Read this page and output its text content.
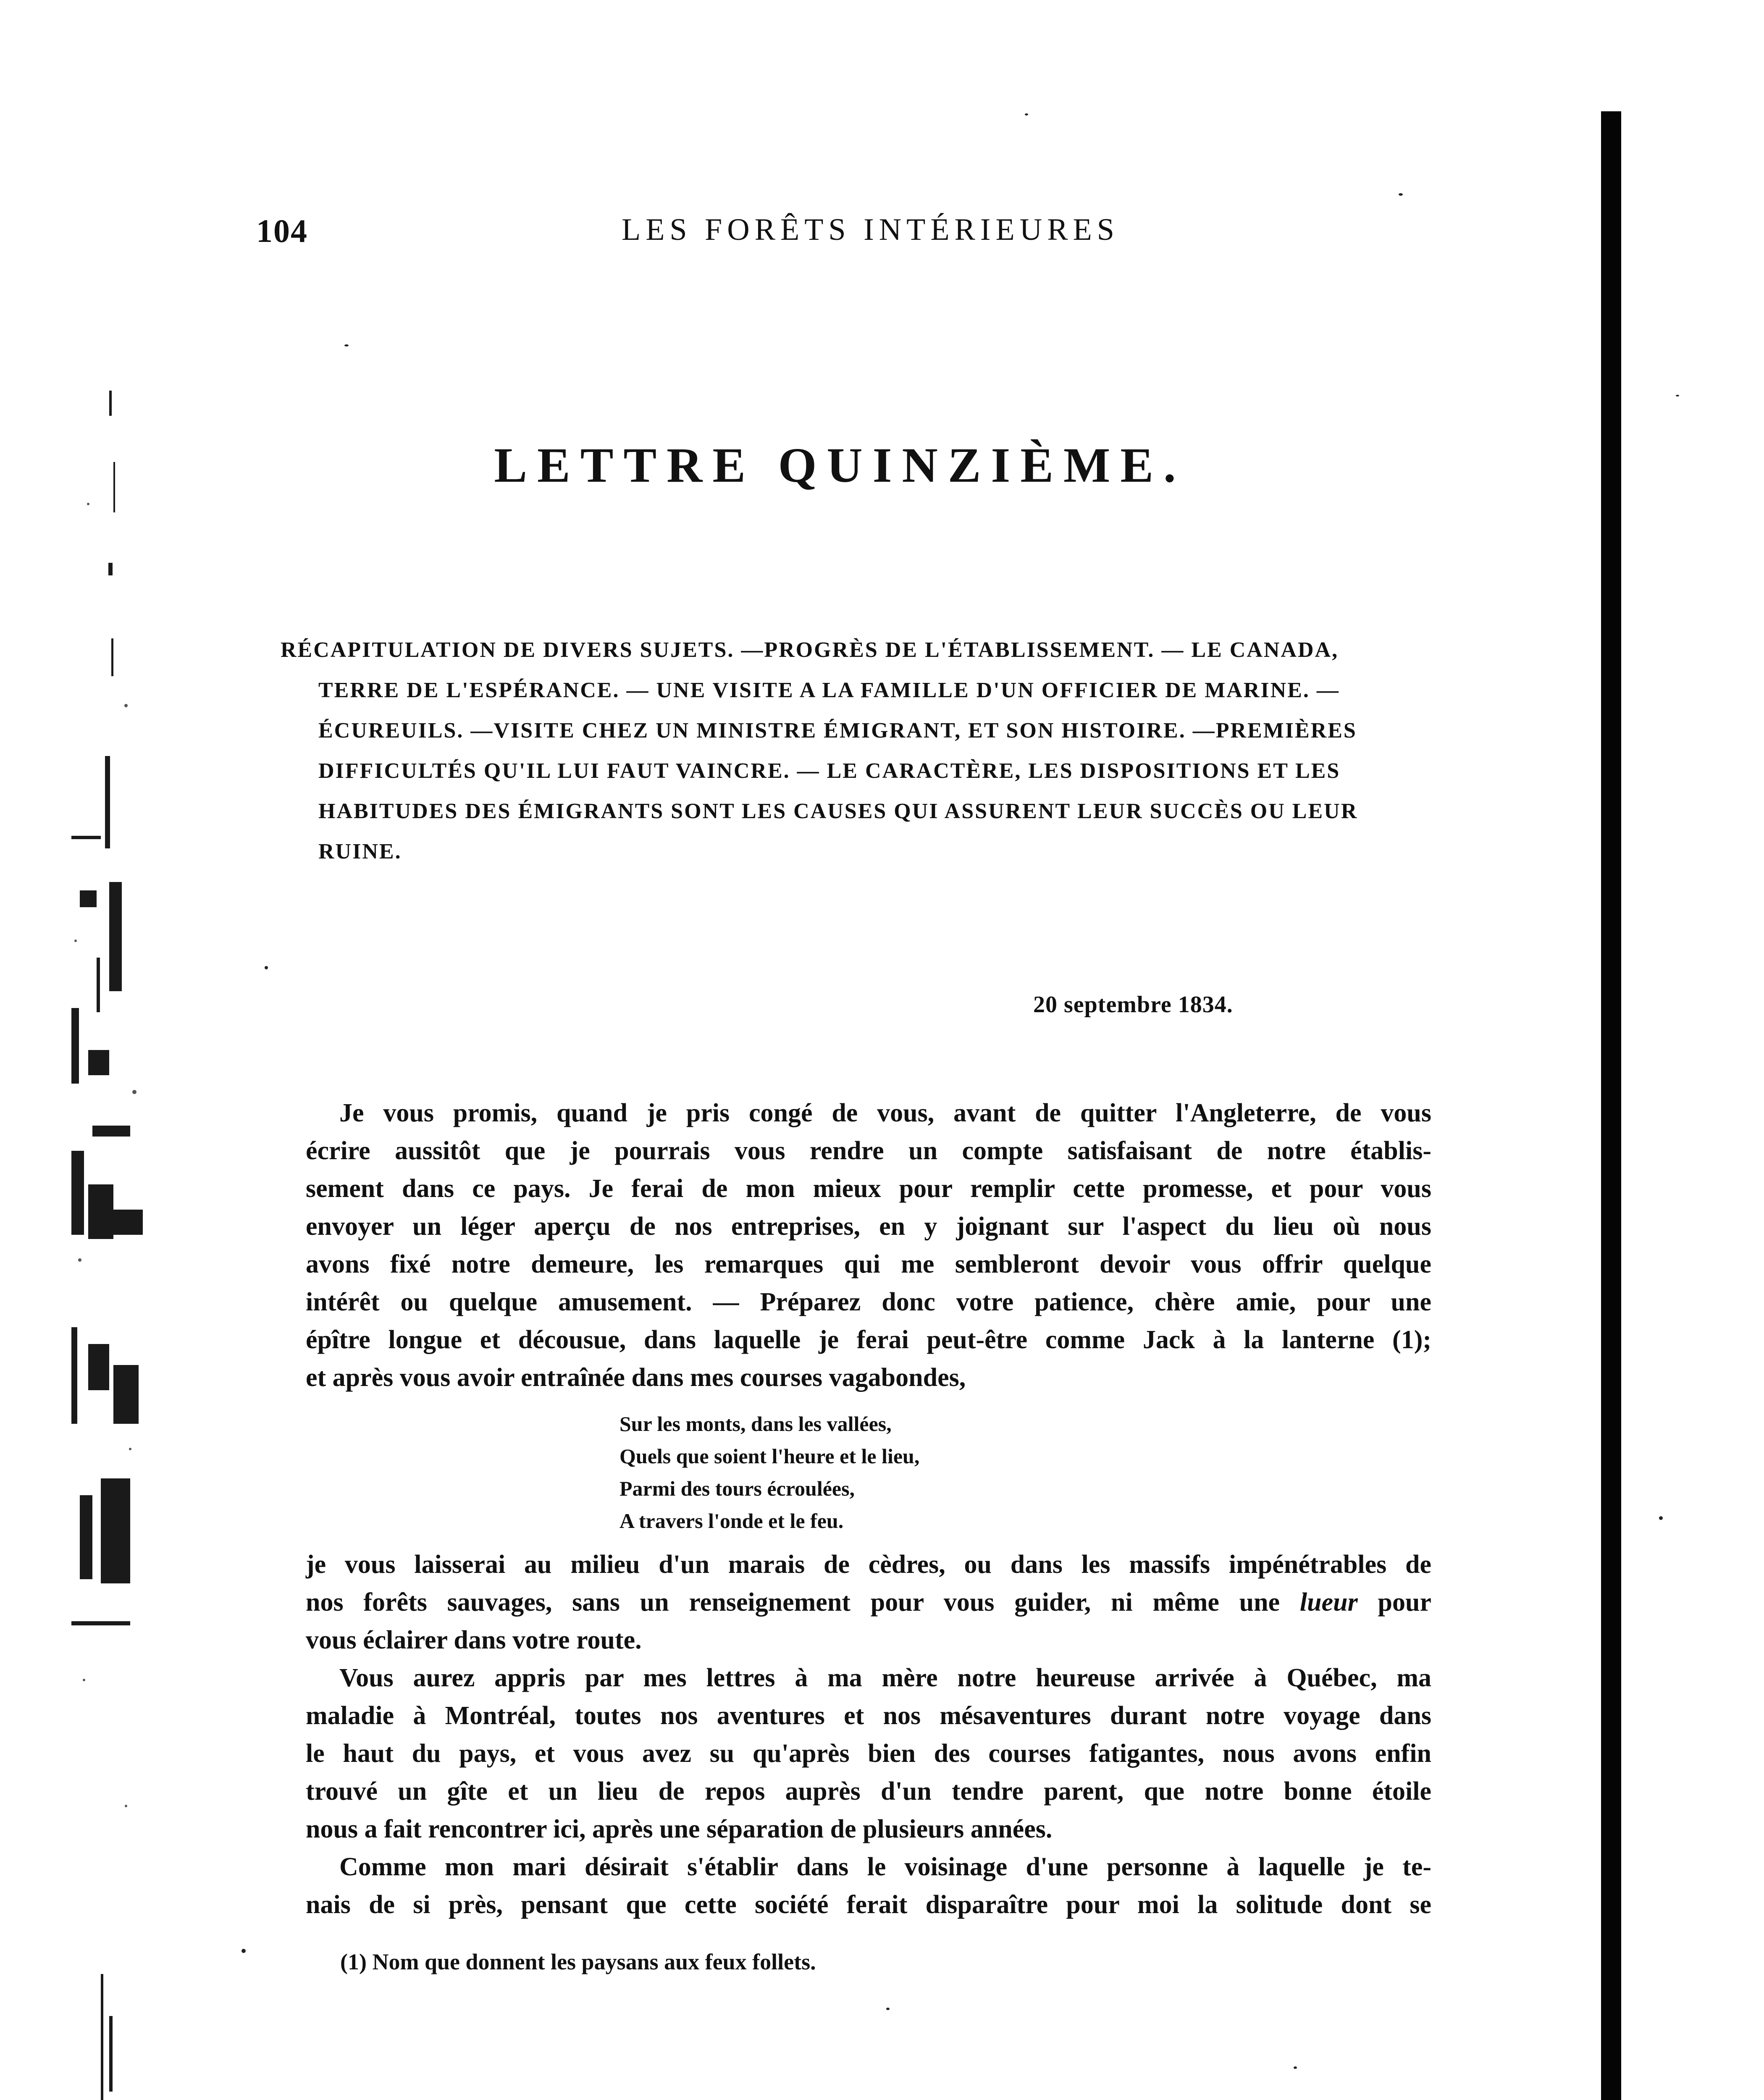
104	LES FORÊTS INTÉRIEURES
LETTRE QUINZIÈME.
RÉCAPITULATION DE DIVERS SUJETS. —PROGRÈS DE L'ÉTABLISSEMENT. — LE CANADA,
TERRE DE L'ESPÉRANCE. — UNE VISITE A LA FAMILLE D'UN OFFICIER DE MARINE. —
ÉCUREUILS. —VISITE CHEZ UN MINISTRE ÉMIGRANT, ET SON HISTOIRE. —PREMIÈRES
DIFFICULTÉS QU'IL LUI FAUT VAINCRE. — LE CARACTÈRE, LES DISPOSITIONS ET LES
HABITUDES DES ÉMIGRANTS SONT LES CAUSES QUI ASSURENT LEUR SUCCÈS OU LEUR
RUINE.
20 septembre 1834.
Je vous promis, quand je pris congé de vous, avant de quitter l'Angleterre, de vous
écrire aussitôt que je pourrais vous rendre un compte satisfaisant de notre établis-
sement dans ce pays. Je ferai de mon mieux pour remplir cette promesse, et pour vous
envoyer un léger aperçu de nos entreprises, en y joignant sur l'aspect du lieu où nous
avons fixé notre demeure, les remarques qui me sembleront devoir vous offrir quelque
intérêt ou quelque amusement. — Préparez donc votre patience, chère amie, pour une
épître longue et décousue, dans laquelle je ferai peut-être comme Jack à la lanterne (1);
et après vous avoir entraînée dans mes courses vagabondes,
Sur les monts, dans les vallées,
Quels que soient l'heure et le lieu,
Parmi des tours écroulées,
A travers l'onde et le feu.
je vous laisserai au milieu d'un marais de cèdres, ou dans les massifs impénétrables de
nos forêts sauvages, sans un renseignement pour vous guider, ni même une lueur pour
vous éclairer dans votre route.
Vous aurez appris par mes lettres à ma mère notre heureuse arrivée à Québec, ma
maladie à Montréal, toutes nos aventures et nos mésaventures durant notre voyage dans
le haut du pays, et vous avez su qu'après bien des courses fatigantes, nous avons enfin
trouvé un gîte et un lieu de repos auprès d'un tendre parent, que notre bonne étoile
nous a fait rencontrer ici, après une séparation de plusieurs années.
Comme mon mari désirait s'établir dans le voisinage d'une personne à laquelle je te-
nais de si près, pensant que cette société ferait disparaître pour moi la solitude dont se
(1) Nom que donnent les paysans aux feux follets.
